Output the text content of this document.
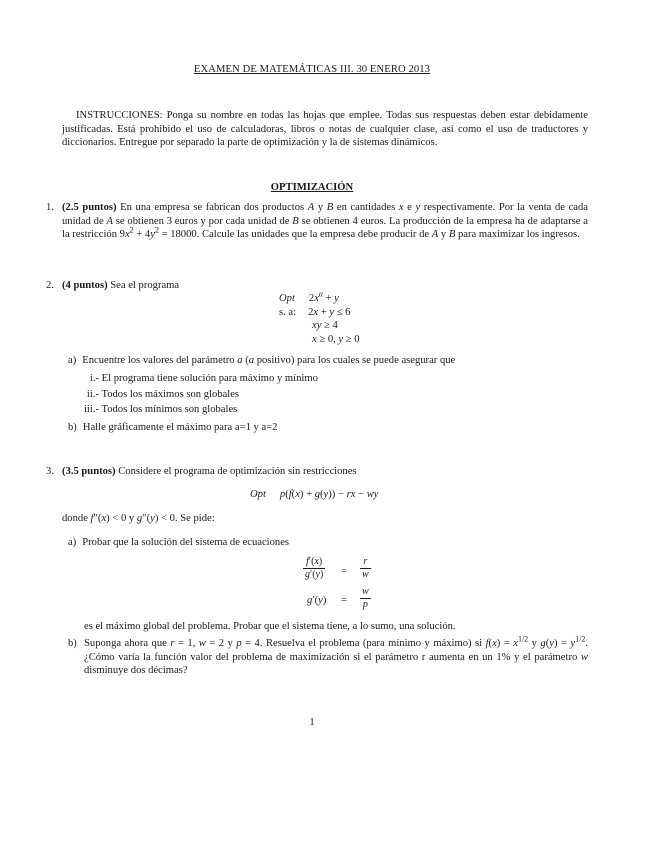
EXAMEN DE MATEMÁTICAS III. 30 ENERO 2013
INSTRUCCIONES: Ponga su nombre en todas las hojas que emplee. Todas sus respuestas deben estar debidamente justificadas. Está prohibido el uso de calculadoras, libros o notas de cualquier clase, así como el uso de traductores y diccionarios. Entregue por separado la parte de optimización y la de sistemas dinámicos.
OPTIMIZACIÓN
1. (2.5 puntos) En una empresa se fabrican dos productos A y B en cantidades x e y respectivamente. Por la venta de cada unidad de A se obtienen 3 euros y por cada unidad de B se obtienen 4 euros. La producción de la empresa ha de adaptarse a la restricción $9x^2 + 4y^2 = 18000$. Calcule las unidades que la empresa debe producir de A y B para maximizar los ingresos.
2. (4 puntos) Sea el programa
Opt $2x^a + y$
s. a: 2x + y ≤ 6
xy ≥ 4
x ≥ 0, y ≥ 0
a) Encuentre los valores del parámetro a (a positivo) para los cuales se puede asegurar que
i.- El programa tiene solución para máximo y mínimo
ii.- Todos los máximos son globales
iii.- Todos los mínimos son globales
b) Halle gráficamente el máximo para a=1 y a=2
3. (3.5 puntos) Considere el programa de optimización sin restricciones
Opt p(f(x) + g(y)) − rx − wy
donde f″(x) < 0 y g″(y) < 0. Se pide:
a) Probar que la solución del sistema de ecuaciones
$\frac{f'(x)}{g'(y)} = \frac{r}{w}$
$g'(y) = \frac{w}{p}$
es el máximo global del problema. Probar que el sistema tiene, a lo sumo, una solución.
b) Suponga ahora que r = 1, w = 2 y p = 4. Resuelva el problema (para mínimo y máximo) si $f(x) = x^{1/2}$ y $g(y) = y^{1/2}$. ¿Cómo varía la función valor del problema de maximización si el parámetro r aumenta en un 1% y el parámetro w disminuye dos décimas?
1
